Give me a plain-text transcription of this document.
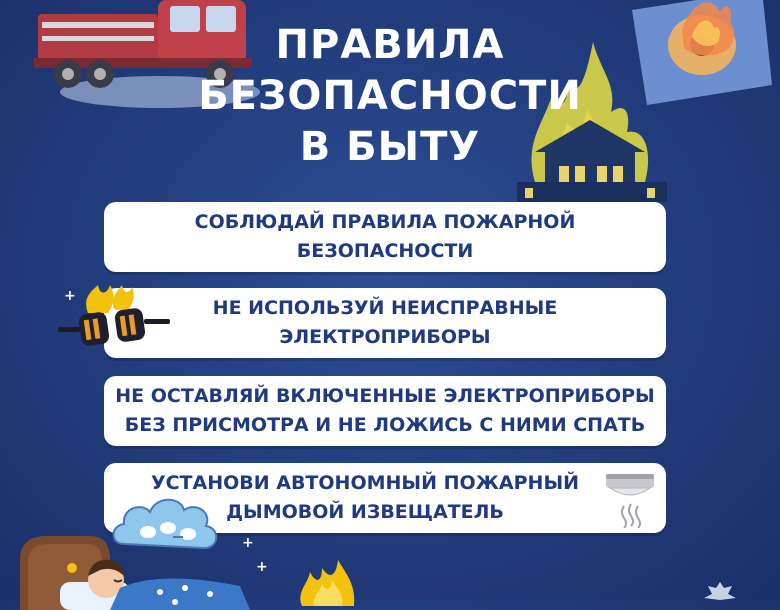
ПРАВИЛА
БЕЗОПАСНОСТИ
В БЫТУ
СОБЛЮДАЙ ПРАВИЛА ПОЖАРНОЙ
БЕЗОПАСНОСТИ
НЕ ИСПОЛЬЗУЙ НЕИСПРАВНЫЕ
ЭЛЕКТРОПРИБОРЫ
НЕ ОСТАВЛЯЙ ВКЛЮЧЕННЫЕ ЭЛЕКТРОПРИБОРЫ
БЕЗ ПРИСМОТРА И НЕ ЛОЖИСЬ С НИМИ СПАТЬ
УСТАНОВИ АВТОНОМНЫЙ ПОЖАРНЫЙ
ДЫМОВОЙ ИЗВЕЩАТЕЛЬ
+
+
+
+
